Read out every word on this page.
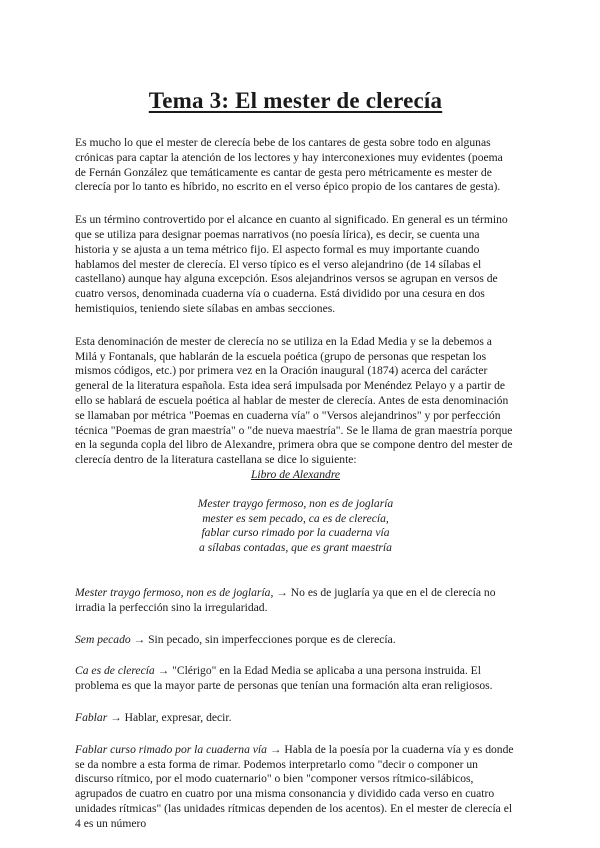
Tema 3: El mester de clerecía

Es mucho lo que el mester de clerecía bebe de los cantares de gesta sobre todo en algunas crónicas para captar la atención de los lectores y hay interconexiones muy evidentes (poema de Fernán González que temáticamente es cantar de gesta pero métricamente es mester de clerecía por lo tanto es híbrido, no escrito en el verso épico propio de los cantares de gesta).

Es un término controvertido por el alcance en cuanto al significado. En general es un término que se utiliza para designar poemas narrativos (no poesía lírica), es decir, se cuenta una historia y se ajusta a un tema métrico fijo. El aspecto formal es muy importante cuando hablamos del mester de clerecía. El verso típico es el verso alejandrino (de 14 sílabas el castellano) aunque hay alguna excepción. Esos alejandrinos versos se agrupan en versos de cuatro versos, denominada cuaderna vía o cuaderna. Está dividido por una cesura en dos hemistiquios, teniendo siete sílabas en ambas secciones.

Esta denominación de mester de clerecía no se utiliza en la Edad Media y se la debemos a Milá y Fontanals, que hablarán de la escuela poética (grupo de personas que respetan los mismos códigos, etc.) por primera vez en la Oración inaugural (1874) acerca del carácter general de la literatura española. Esta idea será impulsada por Menéndez Pelayo y a partir de ello se hablará de escuela poética al hablar de mester de clerecía. Antes de esta denominación se llamaban por métrica "Poemas en cuaderna vía" o "Versos alejandrinos" y por perfección técnica "Poemas de gran maestría" o "de nueva maestría". Se le llama de gran maestría porque en la segunda copla del libro de Alexandre, primera obra que se compone dentro del mester de clerecía dentro de la literatura castellana se dice lo siguiente:

Libro de Alexandre
Mester traygo fermoso, non es de joglaría
mester es sem pecado, ca es de clerecía,
fablar curso rimado por la cuaderna vía
a sílabas contadas, que es grant maestría

Mester traygo fermoso, non es de joglaría, → No es de juglaría ya que en el de clerecía no irradia la perfección sino la irregularidad.

Sem pecado → Sin pecado, sin imperfecciones porque es de clerecía.

Ca es de clerecía → "Clérigo" en la Edad Media se aplicaba a una persona instruida. El problema es que la mayor parte de personas que tenían una formación alta eran religiosos.

Fablar → Hablar, expresar, decir.

Fablar curso rimado por la cuaderna vía → Habla de la poesía por la cuaderna vía y es donde se da nombre a esta forma de rimar. Podemos interpretarlo como "decir o componer un discurso rítmico, por el modo cuaternario" o bien "componer versos rítmico-silábicos, agrupados de cuatro en cuatro por una misma consonancia y dividido cada verso en cuatro unidades rítmicas" (las unidades rítmicas dependen de los acentos). En el mester de clerecía el 4 es un número
